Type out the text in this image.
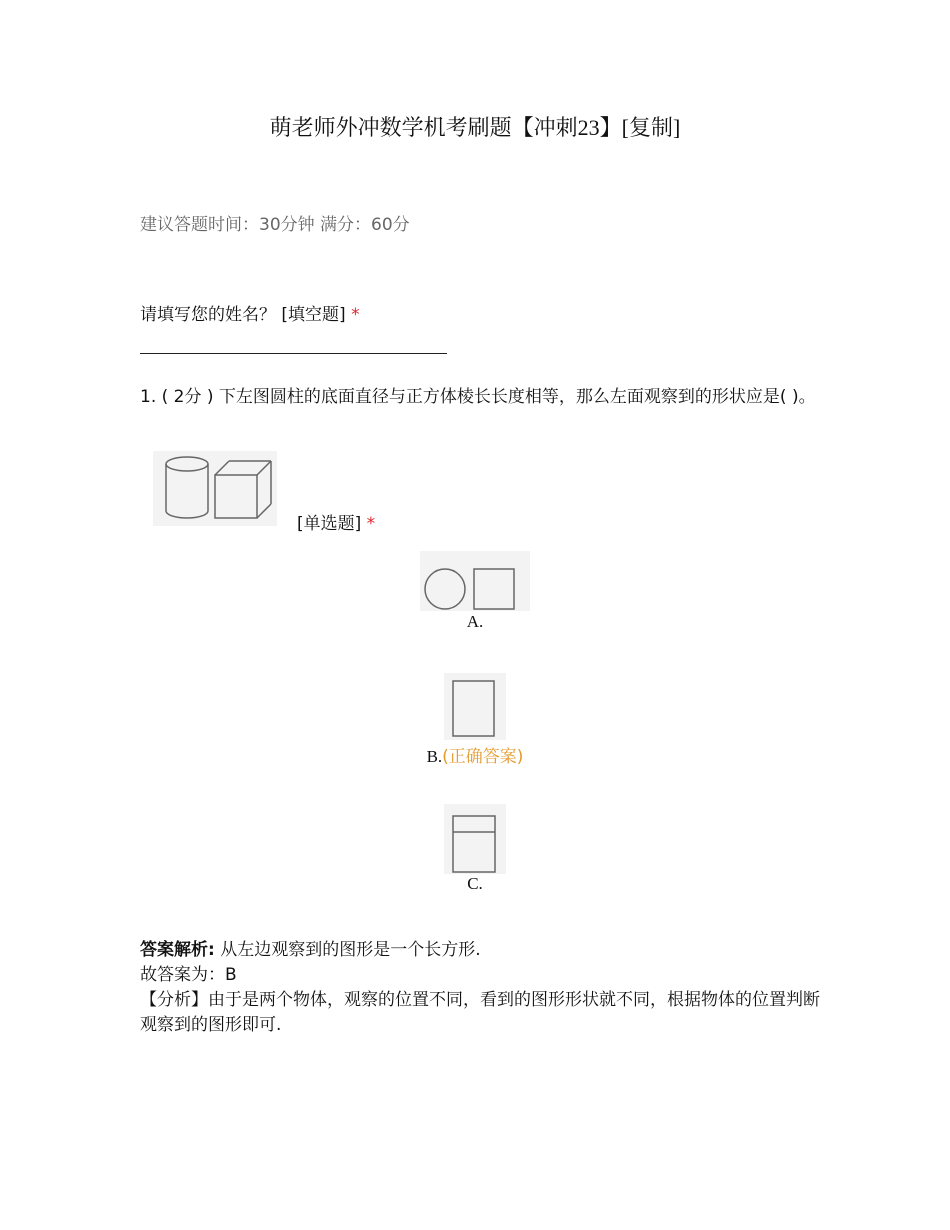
萌老师外冲数学机考刷题【冲刺23】[复制]
建议答题时间：30分钟 满分：60分
请填写您的姓名？ [填空题] *
1. ( 2分 ) 下左图圆柱的底面直径与正方体棱长长度相等，那么左面观察到的形状应是( )。
[单选题] *
A.
B.(正确答案)
C.
答案解析: 从左边观察到的图形是一个长方形.
故答案为：B
【分析】由于是两个物体，观察的位置不同，看到的图形形状就不同，根据物体的位置判断观察到的图形即可.
